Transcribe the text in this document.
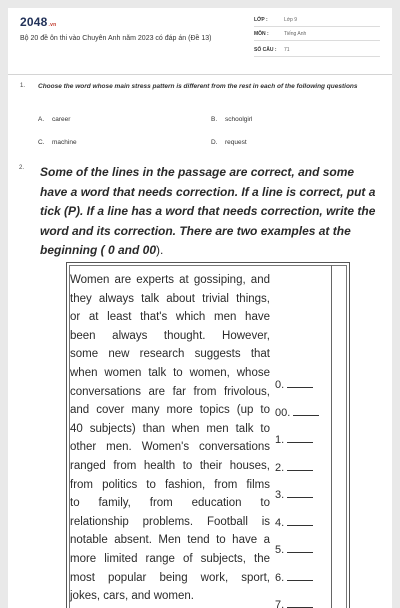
2048.vn
Bộ 20 đề ôn thi vào Chuyên Anh năm 2023 có đáp án (Đề 13)
LỚP :	Lớp 9
MÔN :	Tiếng Anh
SỐ CÂU : 71
1. Choose the word whose main stress pattern is different from the rest in each of the following questions
A. career	B. schoolgirl
C. machine	D. request
2. Some of the lines in the passage are correct, and some have a word that needs correction. If a line is correct, put a tick (P). If a line has a word that needs correction, write the word and its correction. There are two examples at the beginning ( 0 and 00).
Women are experts at gossiping, and
they always talk about trivial things,
or at least that's which men have
been always thought. However,
some new research suggests that
when women talk to women, whose
conversations are far from frivolous,
and cover many more topics (up to
40 subjects) than when men talk to
other men. Women's conversations
ranged from health to their houses,
from politics to fashion, from films
to family, from education to
relationship problems. Football is
notable absent. Men tend to have a
more limited range of subjects, the
most popular being work, sport,
jokes, cars, and women.
0.
00.
1.
2.
3.
4.
5.
6.
7.
